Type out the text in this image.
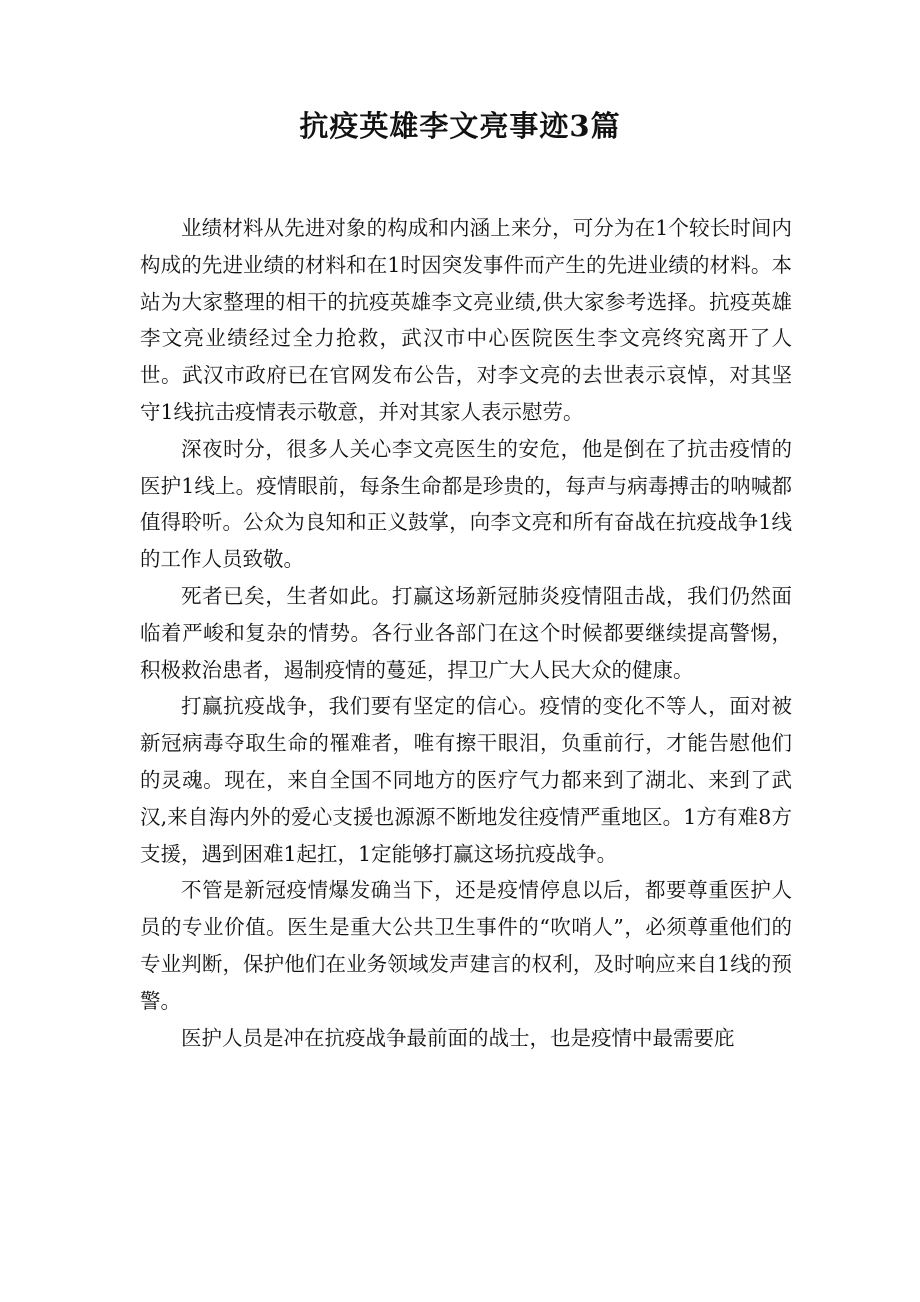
抗疫英雄李文亮事迹3篇

业绩材料从先进对象的构成和内涵上来分，可分为在1个较长时间内构成的先进业绩的材料和在1时因突发事件而产生的先进业绩的材料。本站为大家整理的相干的抗疫英雄李文亮业绩,供大家参考选择。抗疫英雄李文亮业绩经过全力抢救，武汉市中心医院医生李文亮终究离开了人世。武汉市政府已在官网发布公告，对李文亮的去世表示哀悼，对其坚守1线抗击疫情表示敬意，并对其家人表示慰劳。

深夜时分，很多人关心李文亮医生的安危，他是倒在了抗击疫情的医护1线上。疫情眼前，每条生命都是珍贵的，每声与病毒搏击的呐喊都值得聆听。公众为良知和正义鼓掌，向李文亮和所有奋战在抗疫战争1线的工作人员致敬。

死者已矣，生者如此。打赢这场新冠肺炎疫情阻击战，我们仍然面临着严峻和复杂的情势。各行业各部门在这个时候都要继续提高警惕，积极救治患者，遏制疫情的蔓延，捍卫广大人民大众的健康。

打赢抗疫战争，我们要有坚定的信心。疫情的变化不等人，面对被新冠病毒夺取生命的罹难者，唯有擦干眼泪，负重前行，才能告慰他们的灵魂。现在，来自全国不同地方的医疗气力都来到了湖北、来到了武汉,来自海内外的爱心支援也源源不断地发往疫情严重地区。1方有难8方支援，遇到困难1起扛，1定能够打赢这场抗疫战争。

不管是新冠疫情爆发确当下，还是疫情停息以后，都要尊重医护人员的专业价值。医生是重大公共卫生事件的“吹哨人”，必须尊重他们的专业判断，保护他们在业务领域发声建言的权利，及时响应来自1线的预警。

医护人员是冲在抗疫战争最前面的战士，也是疫情中最需要庇
